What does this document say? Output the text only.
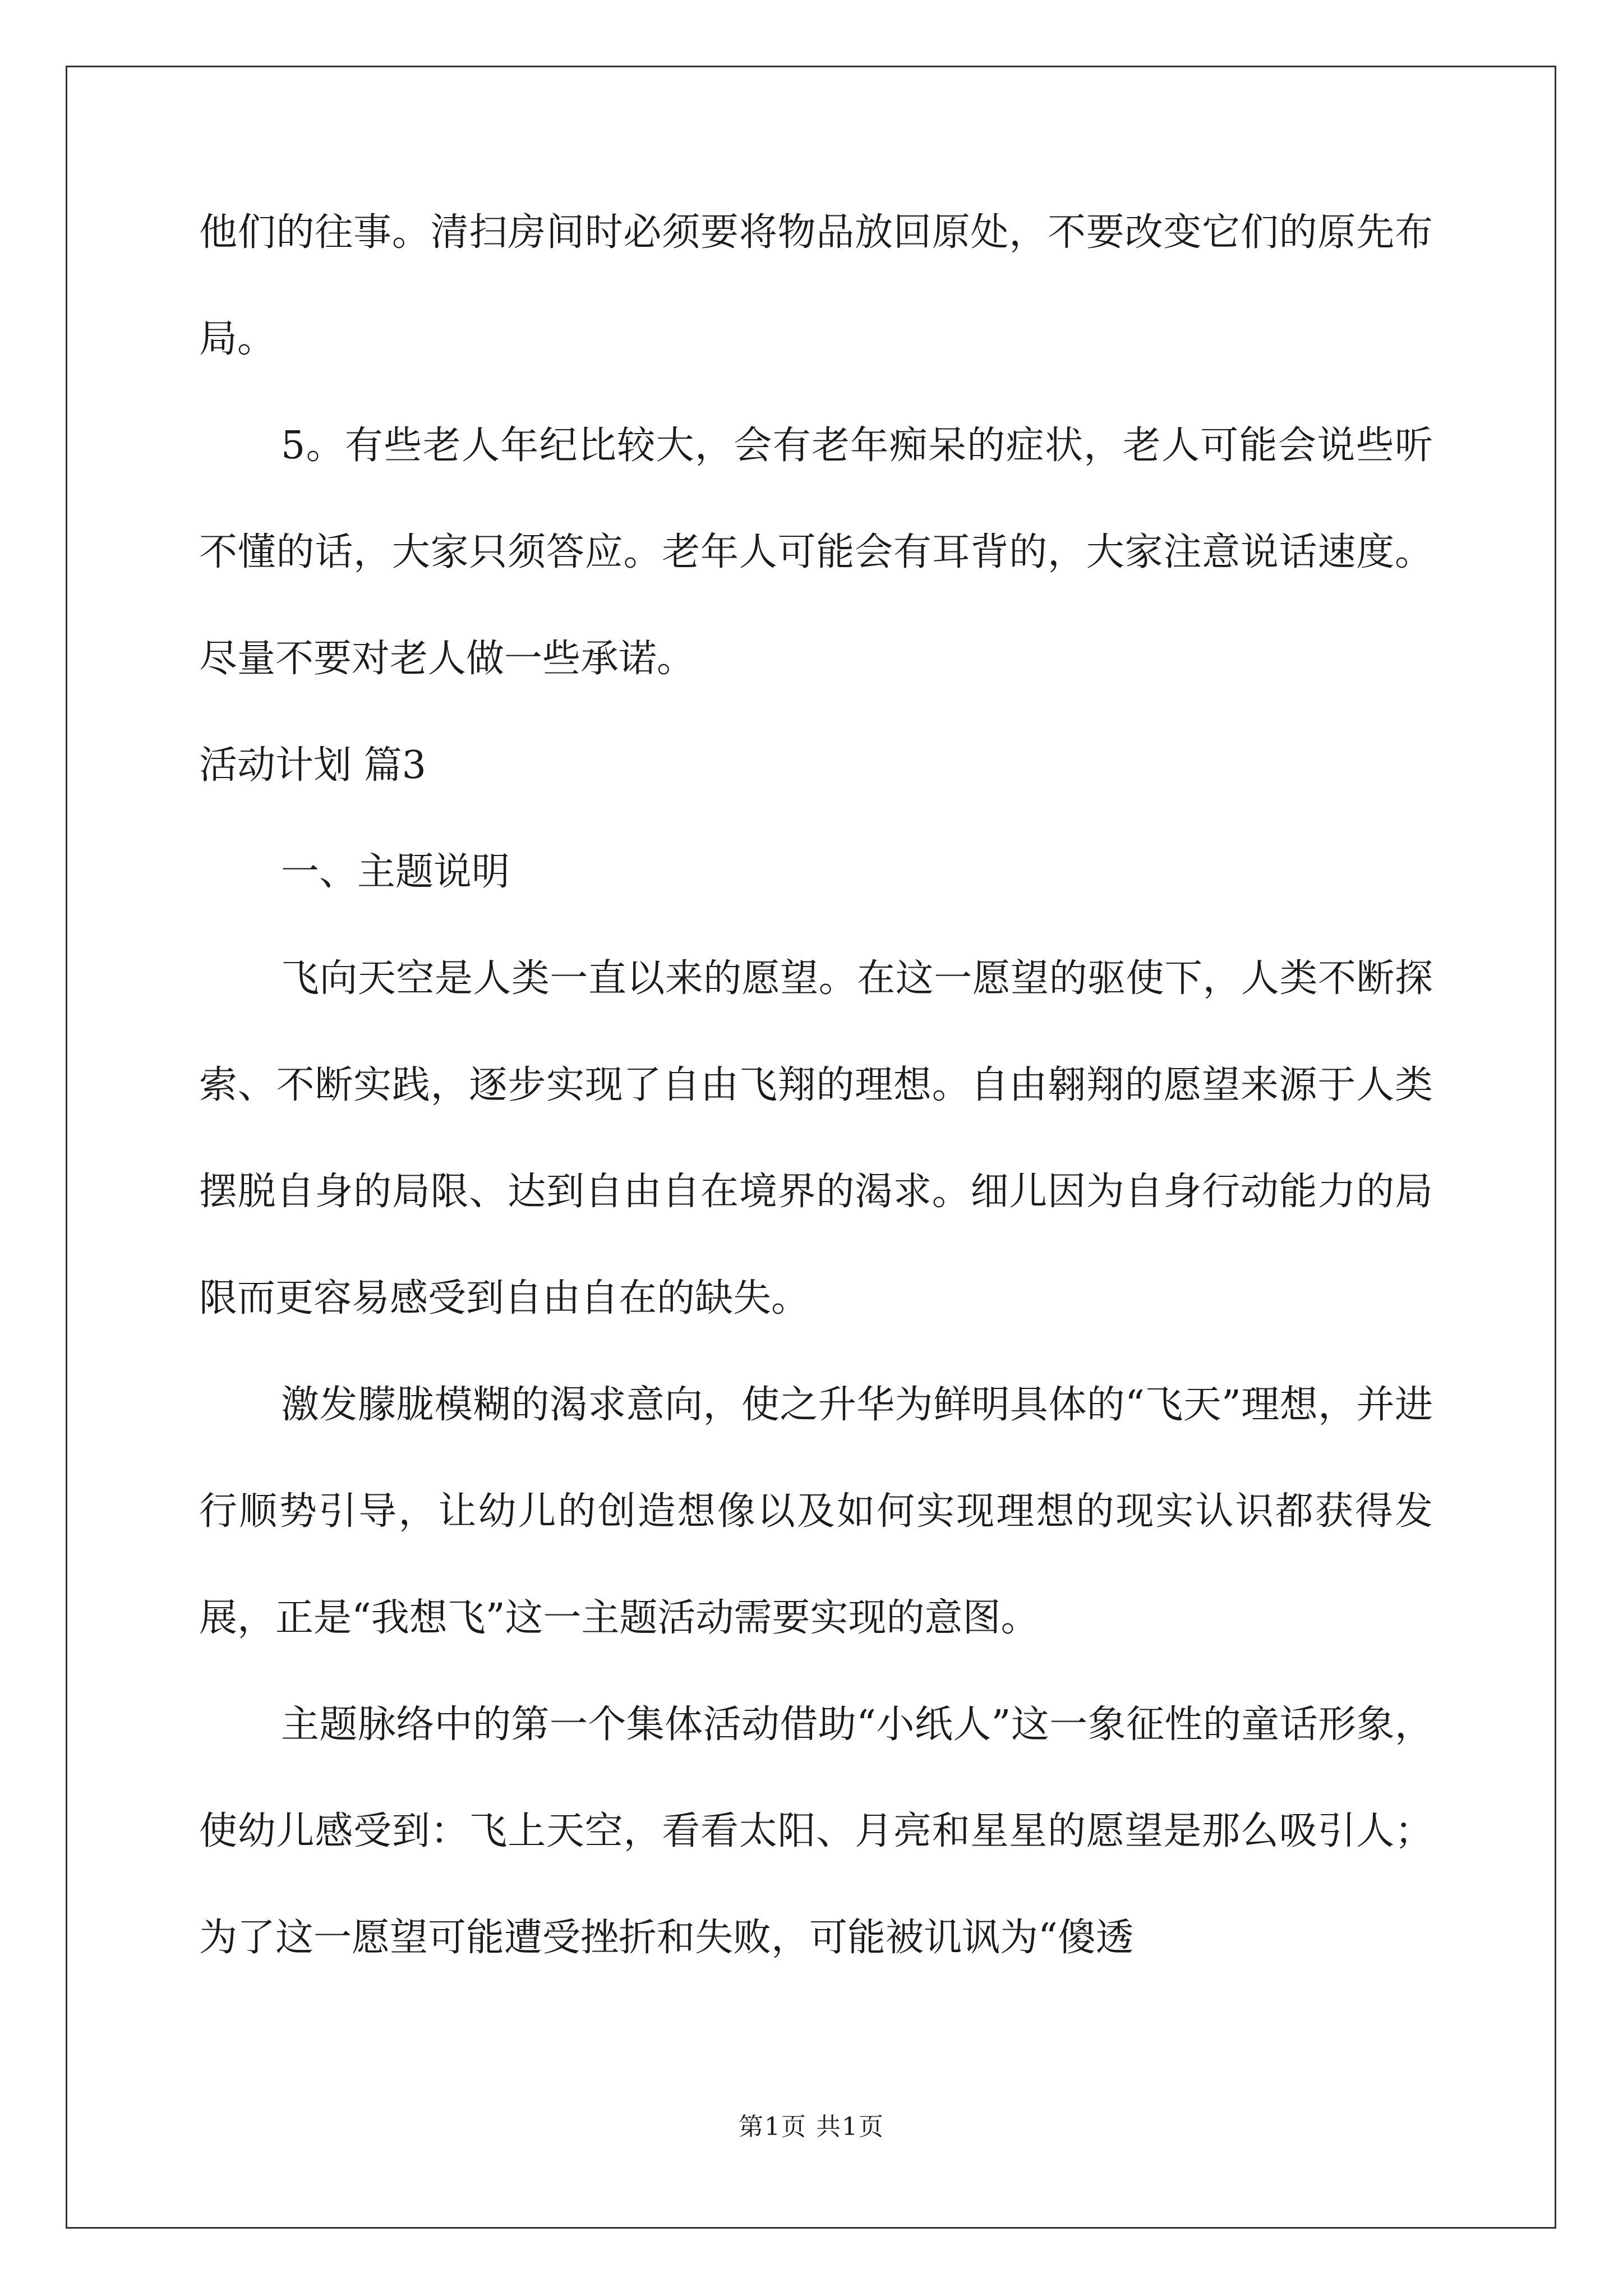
他们的往事。清扫房间时必须要将物品放回原处，不要改变它们的原先布局。

5。有些老人年纪比较大，会有老年痴呆的症状，老人可能会说些听不懂的话，大家只须答应。老年人可能会有耳背的，大家注意说话速度。尽量不要对老人做一些承诺。

活动计划 篇3

一、主题说明

飞向天空是人类一直以来的愿望。在这一愿望的驱使下，人类不断探索、不断实践，逐步实现了自由飞翔的理想。自由翱翔的愿望来源于人类摆脱自身的局限、达到自由自在境界的渴求。细儿因为自身行动能力的局限而更容易感受到自由自在的缺失。

激发朦胧模糊的渴求意向，使之升华为鲜明具体的“飞天”理想，并进行顺势引导，让幼儿的创造想像以及如何实现理想的现实认识都获得发展，正是“我想飞”这一主题活动需要实现的意图。

主题脉络中的第一个集体活动借助“小纸人”这一象征性的童话形象，使幼儿感受到：飞上天空，看看太阳、月亮和星星的愿望是那么吸引人；为了这一愿望可能遭受挫折和失败，可能被讥讽为“傻透

第1页 共1页
